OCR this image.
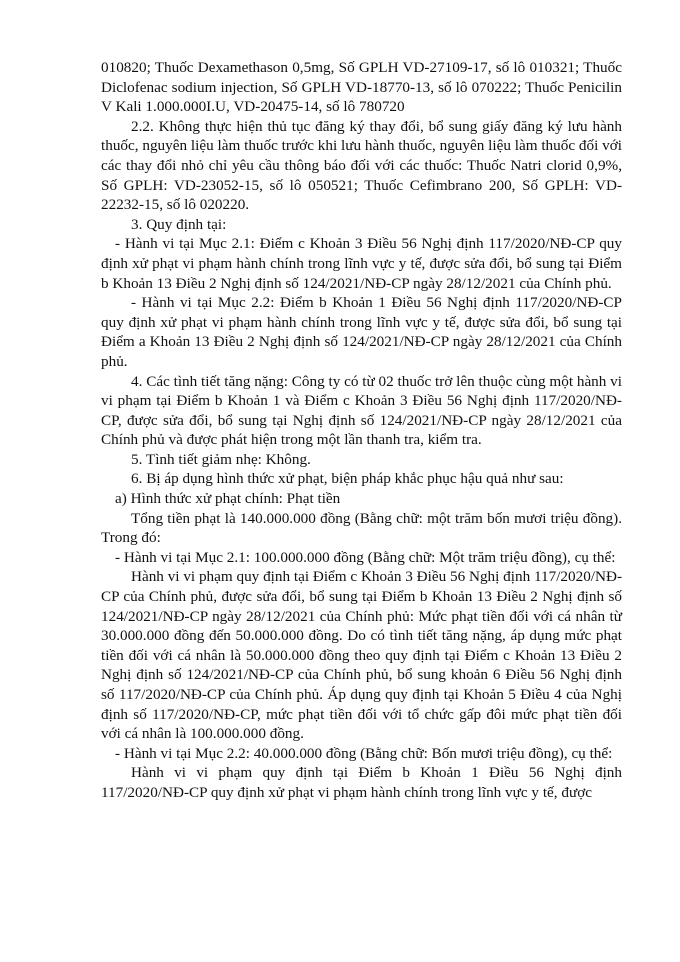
010820; Thuốc Dexamethason 0,5mg, Số GPLH VD-27109-17, số lô 010321; Thuốc Diclofenac sodium injection, Số GPLH VD-18770-13, số lô 070222; Thuốc Penicilin V Kali 1.000.000I.U, VD-20475-14, số lô 780720

2.2. Không thực hiện thủ tục đăng ký thay đổi, bổ sung giấy đăng ký lưu hành thuốc, nguyên liệu làm thuốc trước khi lưu hành thuốc, nguyên liệu làm thuốc đối với các thay đổi nhỏ chỉ yêu cầu thông báo đối với các thuốc: Thuốc Natri clorid 0,9%, Số GPLH: VD-23052-15, số lô 050521; Thuốc Cefimbrano 200, Số GPLH: VD-22232-15, số lô 020220.

3. Quy định tại:

- Hành vi tại Mục 2.1: Điểm c Khoản 3 Điều 56 Nghị định 117/2020/NĐ-CP quy định xử phạt vi phạm hành chính trong lĩnh vực y tế, được sửa đổi, bổ sung tại Điểm b Khoản 13 Điều 2 Nghị định số 124/2021/NĐ-CP ngày 28/12/2021 của Chính phủ.

- Hành vi tại Mục 2.2: Điểm b Khoản 1 Điều 56 Nghị định 117/2020/NĐ-CP quy định xử phạt vi phạm hành chính trong lĩnh vực y tế, được sửa đổi, bổ sung tại Điểm a Khoản 13 Điều 2 Nghị định số 124/2021/NĐ-CP ngày 28/12/2021 của Chính phủ.

4. Các tình tiết tăng nặng: Công ty có từ 02 thuốc trở lên thuộc cùng một hành vi vi phạm tại Điểm b Khoản 1 và Điểm c Khoản 3 Điều 56 Nghị định 117/2020/NĐ-CP, được sửa đổi, bổ sung tại Nghị định số 124/2021/NĐ-CP ngày 28/12/2021 của Chính phủ và được phát hiện trong một lần thanh tra, kiểm tra.

5. Tình tiết giảm nhẹ: Không.

6. Bị áp dụng hình thức xử phạt, biện pháp khắc phục hậu quả như sau:

a) Hình thức xử phạt chính: Phạt tiền

Tổng tiền phạt là 140.000.000 đồng (Bằng chữ: một trăm bốn mươi triệu đồng). Trong đó:

- Hành vi tại Mục 2.1: 100.000.000 đồng (Bằng chữ: Một trăm triệu đồng), cụ thể:

Hành vi vi phạm quy định tại Điểm c Khoản 3 Điều 56 Nghị định 117/2020/NĐ-CP của Chính phủ, được sửa đổi, bổ sung tại Điểm b Khoản 13 Điều 2 Nghị định số 124/2021/NĐ-CP ngày 28/12/2021 của Chính phủ: Mức phạt tiền đối với cá nhân từ 30.000.000 đồng đến 50.000.000 đồng. Do có tình tiết tăng nặng, áp dụng mức phạt tiền đối với cá nhân là 50.000.000 đồng theo quy định tại Điểm c Khoản 13 Điều 2 Nghị định số 124/2021/NĐ-CP của Chính phủ, bổ sung khoản 6 Điều 56 Nghị định số 117/2020/NĐ-CP của Chính phủ. Áp dụng quy định tại Khoản 5 Điều 4 của Nghị định số 117/2020/NĐ-CP, mức phạt tiền đối với tổ chức gấp đôi mức phạt tiền đối với cá nhân là 100.000.000 đồng.

- Hành vi tại Mục 2.2: 40.000.000 đồng (Bằng chữ: Bốn mươi triệu đồng), cụ thể:

Hành vi vi phạm quy định tại Điểm b Khoản 1 Điều 56 Nghị định 117/2020/NĐ-CP quy định xử phạt vi phạm hành chính trong lĩnh vực y tế, được
